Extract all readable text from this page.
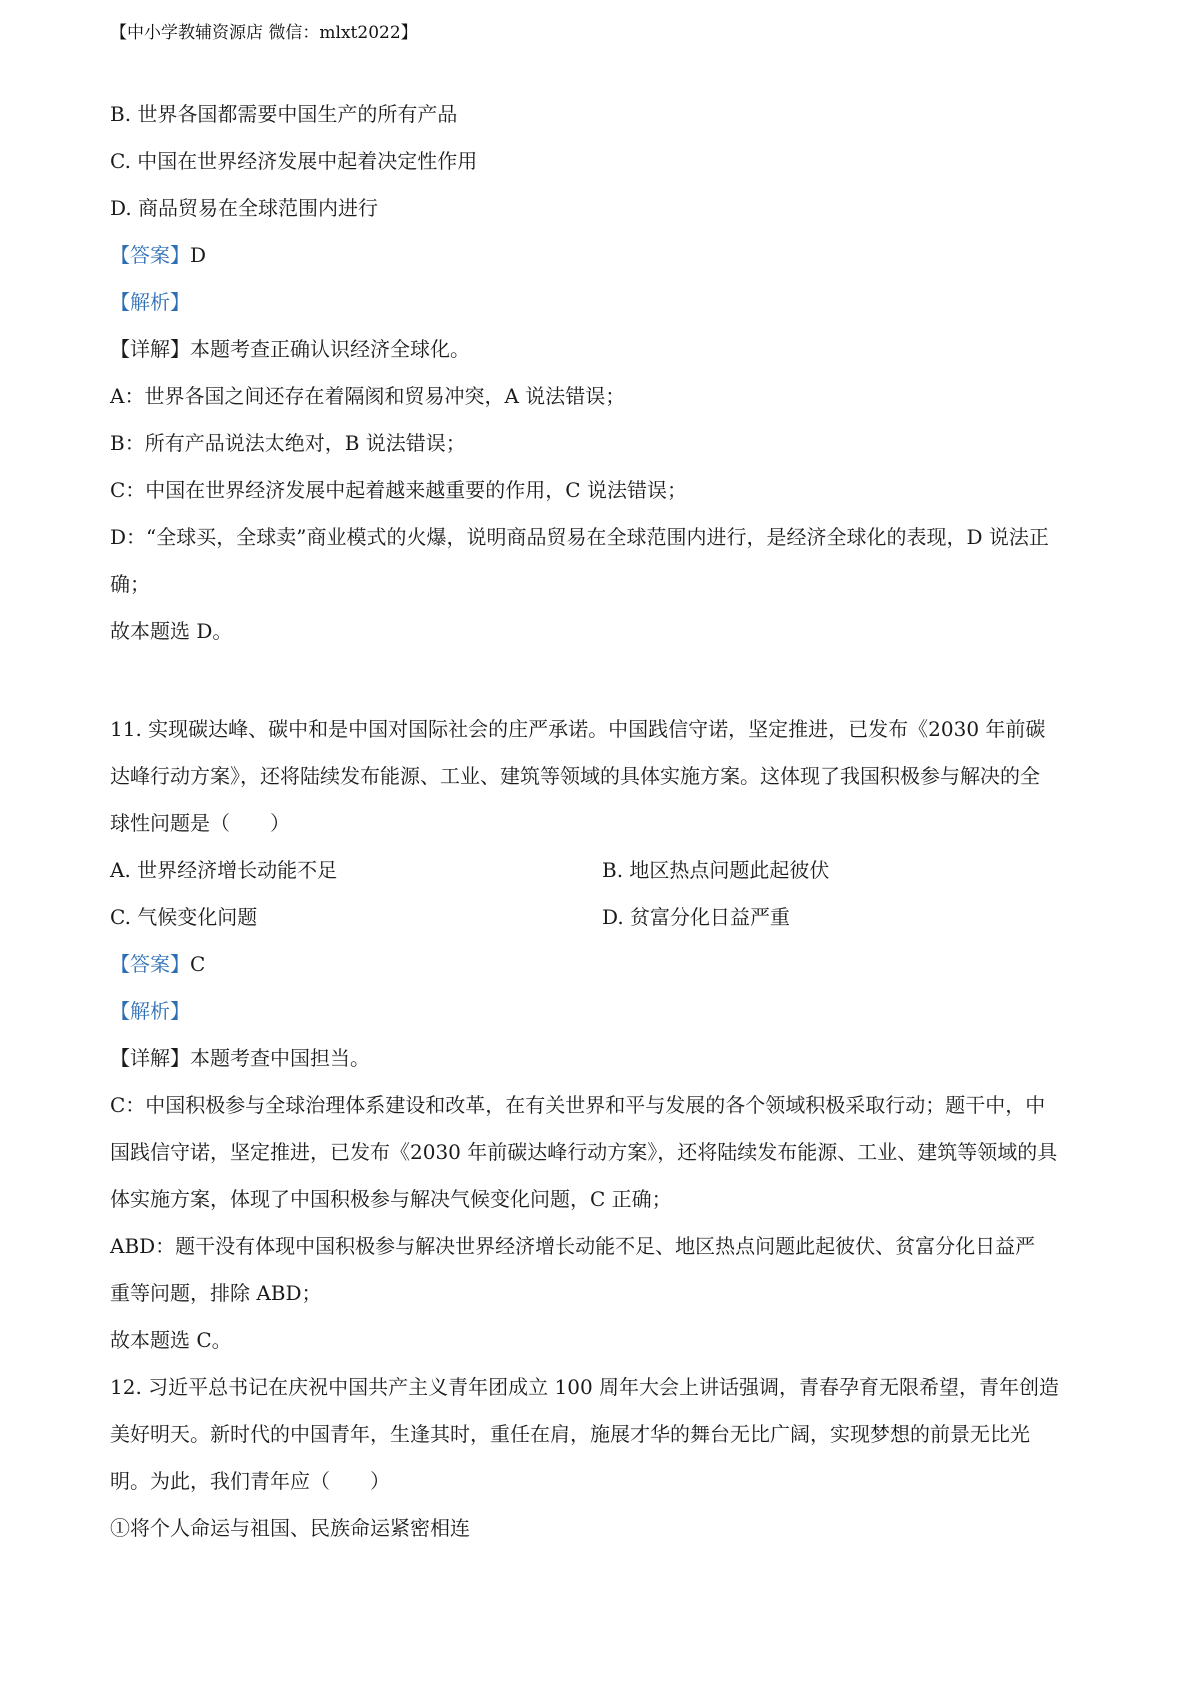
【中小学教辅资源店 微信：mlxt2022】
B. 世界各国都需要中国生产的所有产品
C. 中国在世界经济发展中起着决定性作用
D. 商品贸易在全球范围内进行
【答案】D
【解析】
【详解】本题考查正确认识经济全球化。
A：世界各国之间还存在着隔阂和贸易冲突，A 说法错误；
B：所有产品说法太绝对，B 说法错误；
C：中国在世界经济发展中起着越来越重要的作用，C 说法错误；
D：“全球买，全球卖”商业模式的火爆，说明商品贸易在全球范围内进行，是经济全球化的表现，D 说法正
确；
故本题选 D。
11. 实现碳达峰、碳中和是中国对国际社会的庄严承诺。中国践信守诺，坚定推进，已发布《2030 年前碳
达峰行动方案》，还将陆续发布能源、工业、建筑等领域的具体实施方案。这体现了我国积极参与解决的全
球性问题是（　　）
A. 世界经济增长动能不足	B. 地区热点问题此起彼伏
C. 气候变化问题	D. 贫富分化日益严重
【答案】C
【解析】
【详解】本题考查中国担当。
C：中国积极参与全球治理体系建设和改革，在有关世界和平与发展的各个领域积极采取行动；题干中，中
国践信守诺，坚定推进，已发布《2030 年前碳达峰行动方案》，还将陆续发布能源、工业、建筑等领域的具
体实施方案，体现了中国积极参与解决气候变化问题，C 正确；
ABD：题干没有体现中国积极参与解决世界经济增长动能不足、地区热点问题此起彼伏、贫富分化日益严
重等问题，排除 ABD；
故本题选 C。
12. 习近平总书记在庆祝中国共产主义青年团成立 100 周年大会上讲话强调，青春孕育无限希望，青年创造
美好明天。新时代的中国青年，生逢其时，重任在肩，施展才华的舞台无比广阔，实现梦想的前景无比光
明。为此，我们青年应（　　）
①将个人命运与祖国、民族命运紧密相连
